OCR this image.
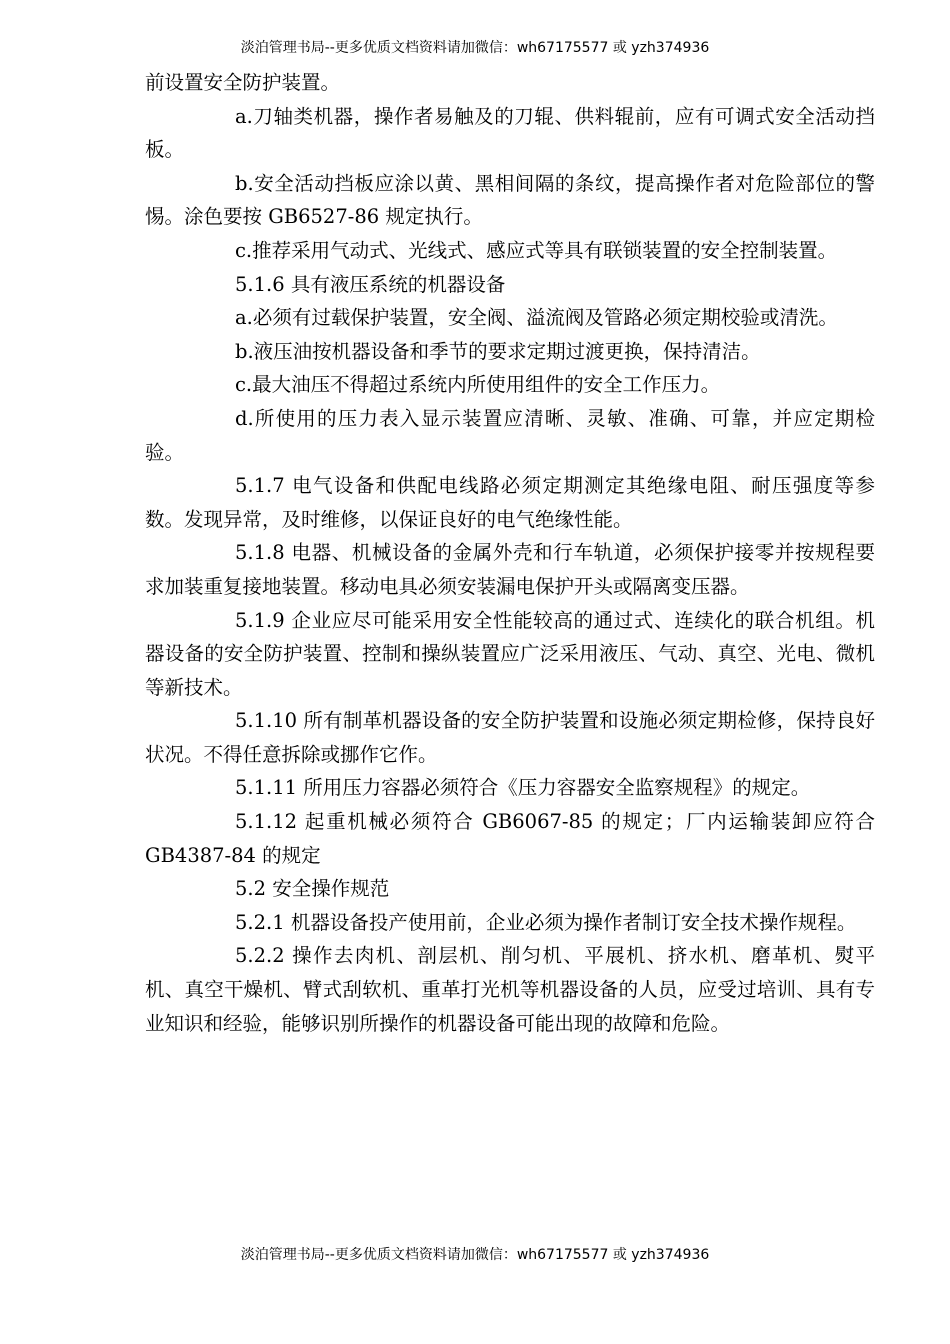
淡泊管理书局--更多优质文档资料请加微信：wh67175577 或 yzh374936

前设置安全防护装置。

a.刀轴类机器，操作者易触及的刀辊、供料辊前，应有可调式安全活动挡板。

b.安全活动挡板应涂以黄、黑相间隔的条纹，提高操作者对危险部位的警惕。涂色要按 GB6527-86 规定执行。

c.推荐采用气动式、光线式、感应式等具有联锁装置的安全控制装置。

5.1.6 具有液压系统的机器设备

a.必须有过载保护装置，安全阀、溢流阀及管路必须定期校验或清洗。

b.液压油按机器设备和季节的要求定期过渡更换，保持清洁。

c.最大油压不得超过系统内所使用组件的安全工作压力。

d.所使用的压力表入显示装置应清晰、灵敏、准确、可靠，并应定期检验。

5.1.7 电气设备和供配电线路必须定期测定其绝缘电阻、耐压强度等参数。发现异常，及时维修，以保证良好的电气绝缘性能。

5.1.8 电器、机械设备的金属外壳和行车轨道，必须保护接零并按规程要求加装重复接地装置。移动电具必须安装漏电保护开头或隔离变压器。

5.1.9 企业应尽可能采用安全性能较高的通过式、连续化的联合机组。机器设备的安全防护装置、控制和操纵装置应广泛采用液压、气动、真空、光电、微机等新技术。

5.1.10 所有制革机器设备的安全防护装置和设施必须定期检修，保持良好状况。不得任意拆除或挪作它作。

5.1.11 所用压力容器必须符合《压力容器安全监察规程》的规定。

5.1.12 起重机械必须符合 GB6067-85 的规定；厂内运输装卸应符合 GB4387-84 的规定

5.2 安全操作规范

5.2.1 机器设备投产使用前，企业必须为操作者制订安全技术操作规程。

5.2.2 操作去肉机、剖层机、削匀机、平展机、挤水机、磨革机、熨平机、真空干燥机、臂式刮软机、重革打光机等机器设备的人员，应受过培训、具有专业知识和经验，能够识别所操作的机器设备可能出现的故障和危险。

淡泊管理书局--更多优质文档资料请加微信：wh67175577 或 yzh374936
